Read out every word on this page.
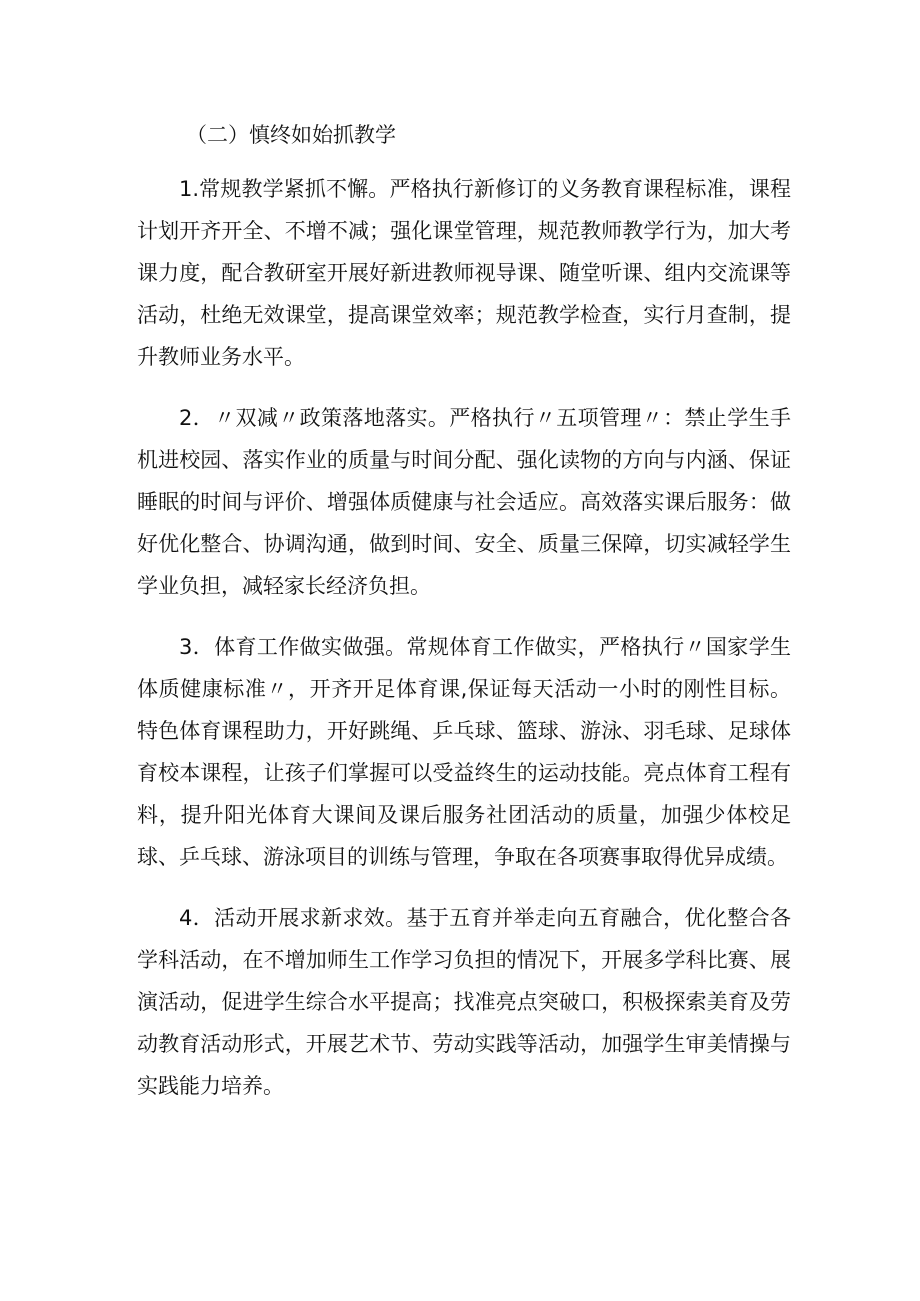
（二）慎终如始抓教学

1.常规教学紧抓不懈。严格执行新修订的义务教育课程标准，课程计划开齐开全、不增不减；强化课堂管理，规范教师教学行为，加大考课力度，配合教研室开展好新进教师视导课、随堂听课、组内交流课等活动，杜绝无效课堂，提高课堂效率；规范教学检查，实行月查制，提升教师业务水平。

2．〃双减〃政策落地落实。严格执行〃五项管理〃：禁止学生手机进校园、落实作业的质量与时间分配、强化读物的方向与内涵、保证睡眠的时间与评价、增强体质健康与社会适应。高效落实课后服务：做好优化整合、协调沟通，做到时间、安全、质量三保障，切实减轻学生学业负担，减轻家长经济负担。

3．体育工作做实做强。常规体育工作做实，严格执行〃国家学生体质健康标准〃，开齐开足体育课,保证每天活动一小时的刚性目标。特色体育课程助力，开好跳绳、乒乓球、篮球、游泳、羽毛球、足球体育校本课程，让孩子们掌握可以受益终生的运动技能。亮点体育工程有料，提升阳光体育大课间及课后服务社团活动的质量，加强少体校足球、乒乓球、游泳项目的训练与管理，争取在各项赛事取得优异成绩。

4．活动开展求新求效。基于五育并举走向五育融合，优化整合各学科活动，在不增加师生工作学习负担的情况下，开展多学科比赛、展演活动，促进学生综合水平提高；找准亮点突破口，积极探索美育及劳动教育活动形式，开展艺术节、劳动实践等活动，加强学生审美情操与实践能力培养。
